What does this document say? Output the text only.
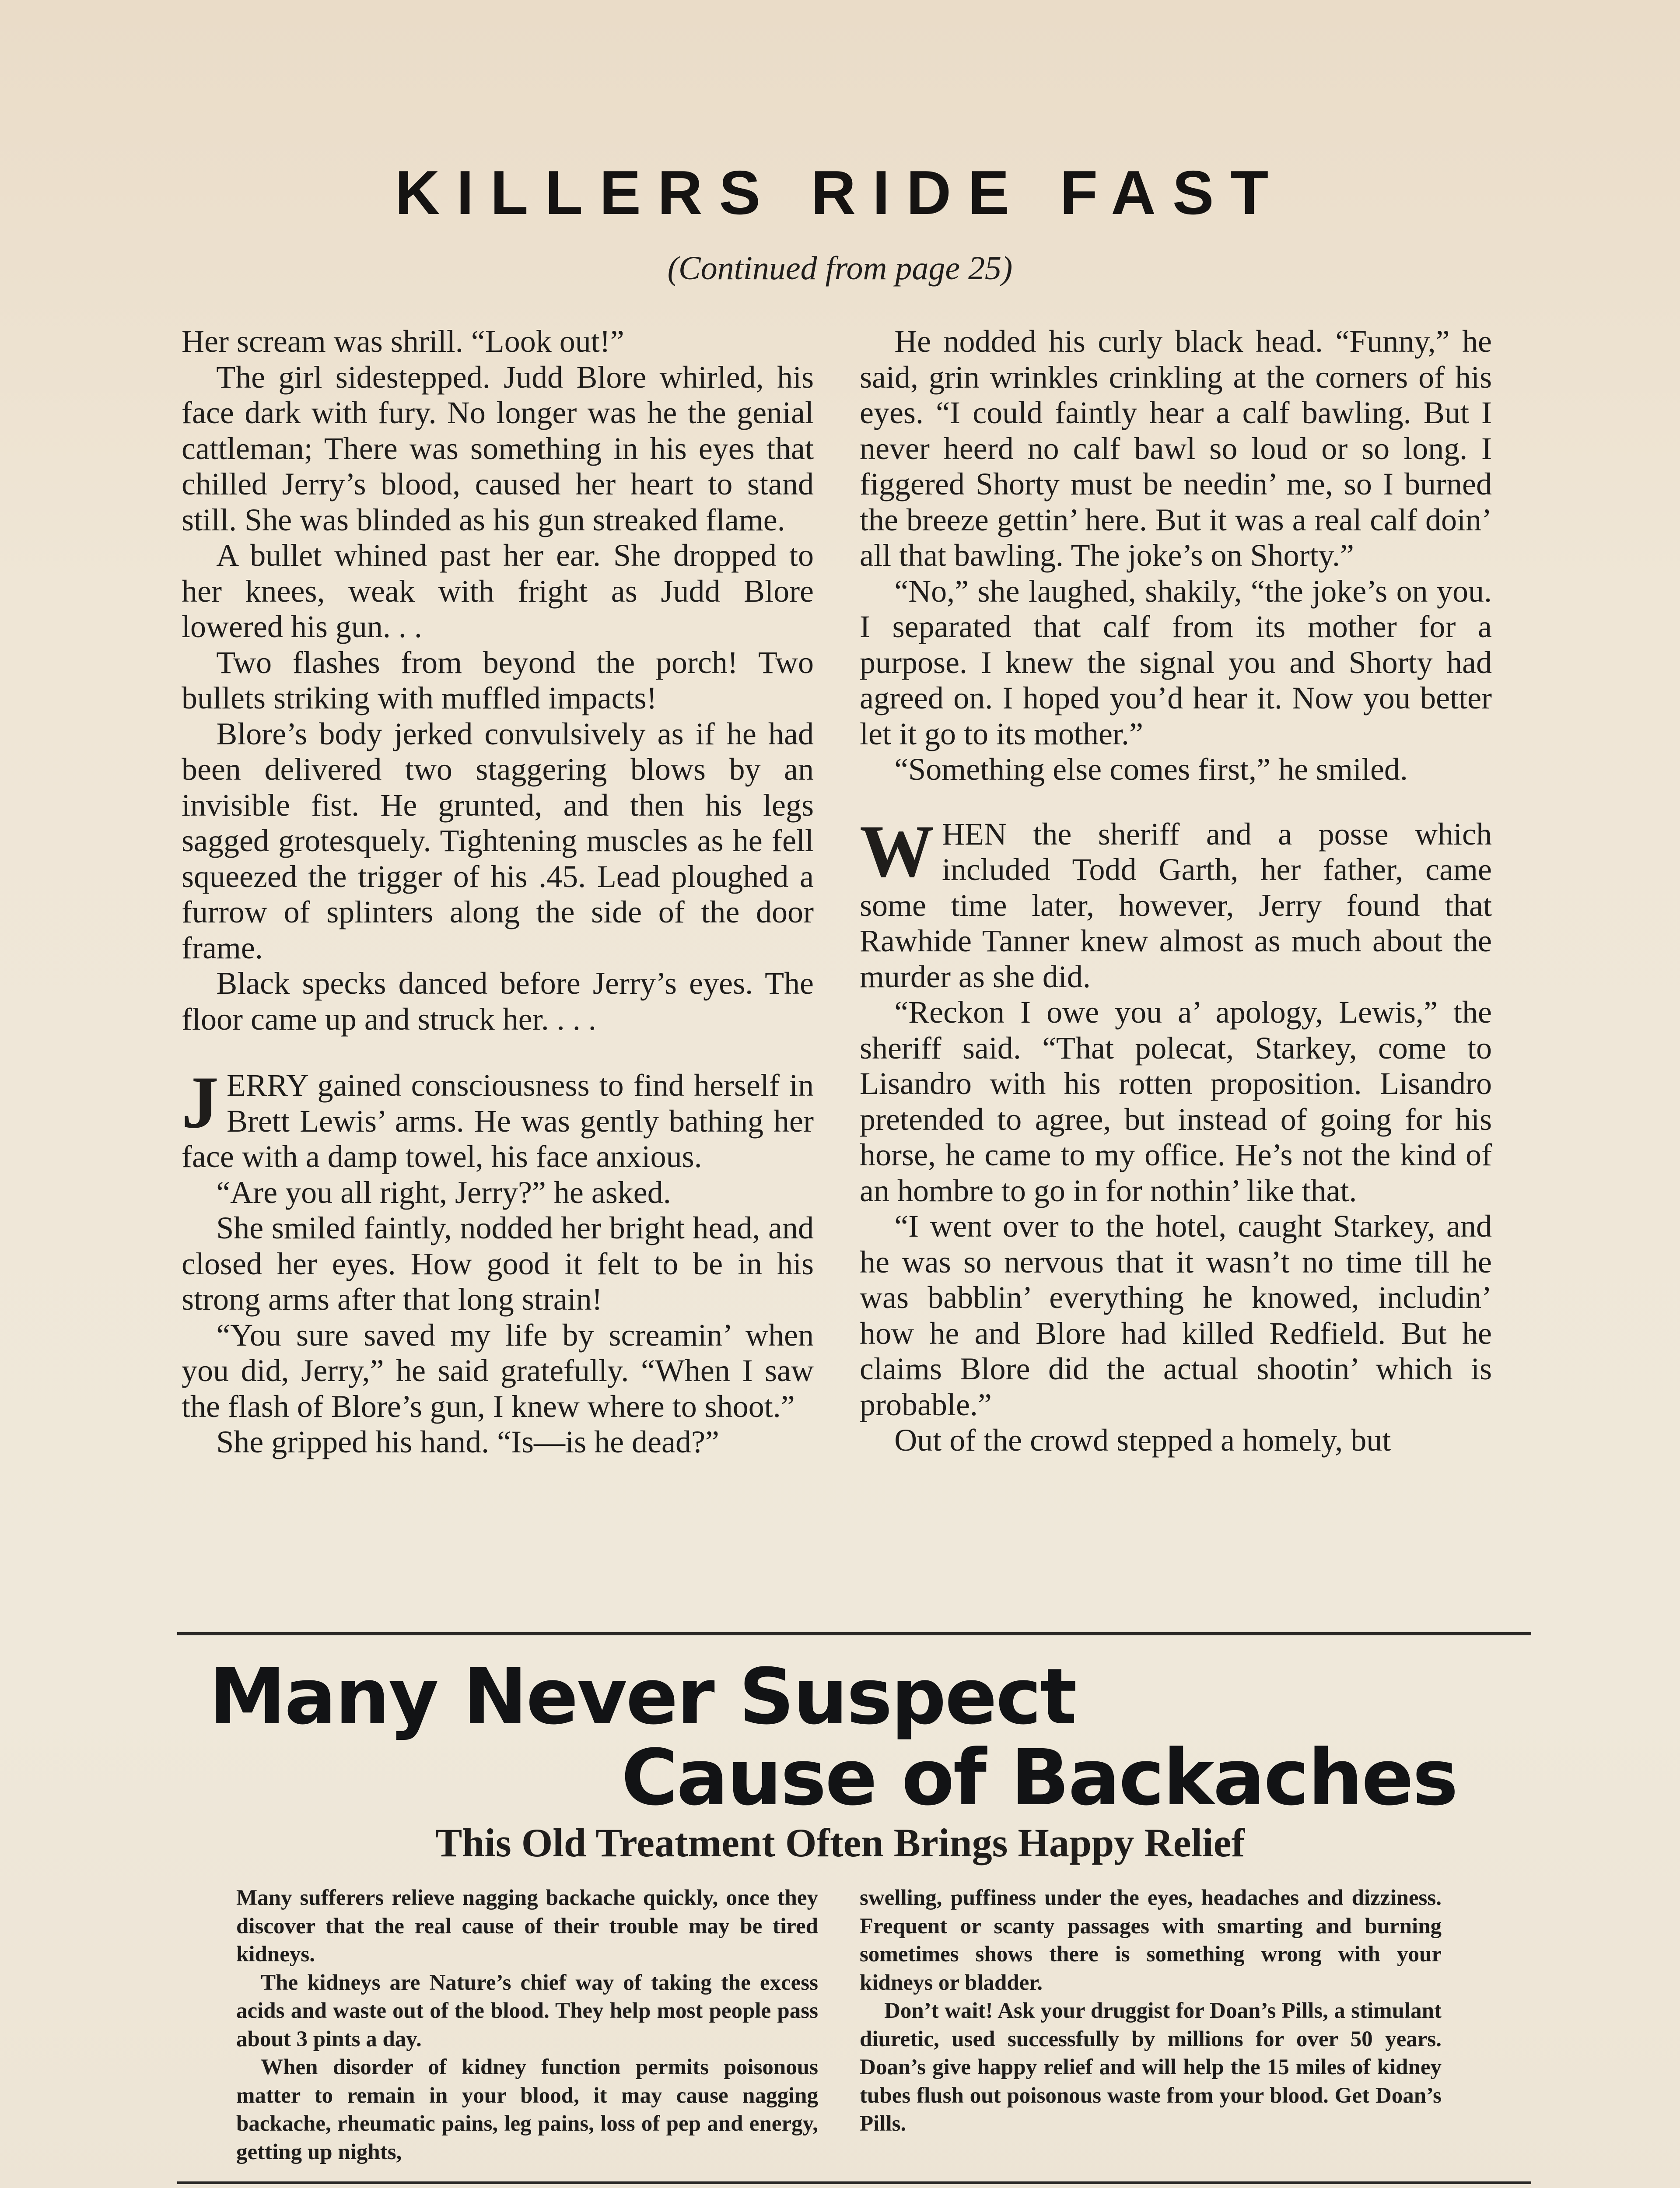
KILLERS RIDE FAST

(Continued from page 25)

Her scream was shrill. “Look out!”

The girl sidestepped. Judd Blore whirled, his face dark with fury. No longer was he the genial cattleman; There was something in his eyes that chilled Jerry’s blood, caused her heart to stand still. She was blinded as his gun streaked flame.

A bullet whined past her ear. She dropped to her knees, weak with fright as Judd Blore lowered his gun. . .

Two flashes from beyond the porch! Two bullets striking with muffled impacts!

Blore’s body jerked convulsively as if he had been delivered two staggering blows by an invisible fist. He grunted, and then his legs sagged grotesquely. Tightening muscles as he fell squeezed the trigger of his .45. Lead ploughed a furrow of splinters along the side of the door frame.

Black specks danced before Jerry’s eyes. The floor came up and struck her. . . .

JERRY gained consciousness to find herself in Brett Lewis’ arms. He was gently bathing her face with a damp towel, his face anxious.

“Are you all right, Jerry?” he asked.

She smiled faintly, nodded her bright head, and closed her eyes. How good it felt to be in his strong arms after that long strain!

“You sure saved my life by screamin’ when you did, Jerry,” he said gratefully. “When I saw the flash of Blore’s gun, I knew where to shoot.”

She gripped his hand. “Is—is he dead?”

He nodded his curly black head. “Funny,” he said, grin wrinkles crinkling at the corners of his eyes. “I could faintly hear a calf bawling. But I never heerd no calf bawl so loud or so long. I figgered Shorty must be needin’ me, so I burned the breeze gettin’ here. But it was a real calf doin’ all that bawling. The joke’s on Shorty.”

“No,” she laughed, shakily, “the joke’s on you. I separated that calf from its mother for a purpose. I knew the signal you and Shorty had agreed on. I hoped you’d hear it. Now you better let it go to its mother.”

“Something else comes first,” he smiled.

WHEN the sheriff and a posse which included Todd Garth, her father, came some time later, however, Jerry found that Rawhide Tanner knew almost as much about the murder as she did.

“Reckon I owe you a’ apology, Lewis,” the sheriff said. “That polecat, Starkey, come to Lisandro with his rotten proposition. Lisandro pretended to agree, but instead of going for his horse, he came to my office. He’s not the kind of an hombre to go in for nothin’ like that.

“I went over to the hotel, caught Starkey, and he was so nervous that it wasn’t no time till he was babblin’ everything he knowed, includin’ how he and Blore had killed Redfield. But he claims Blore did the actual shootin’ which is probable.”

Out of the crowd stepped a homely, but

Many Never Suspect

Cause of Backaches

This Old Treatment Often Brings Happy Relief

Many sufferers relieve nagging backache quickly, once they discover that the real cause of their trouble may be tired kidneys.

The kidneys are Nature’s chief way of taking the excess acids and waste out of the blood. They help most people pass about 3 pints a day.

When disorder of kidney function permits poisonous matter to remain in your blood, it may cause nagging backache, rheumatic pains, leg pains, loss of pep and energy, getting up nights,

swelling, puffiness under the eyes, headaches and dizziness. Frequent or scanty passages with smarting and burning sometimes shows there is something wrong with your kidneys or bladder.

Don’t wait! Ask your druggist for Doan’s Pills, a stimulant diuretic, used successfully by millions for over 50 years. Doan’s give happy relief and will help the 15 miles of kidney tubes flush out poisonous waste from your blood. Get Doan’s Pills.
